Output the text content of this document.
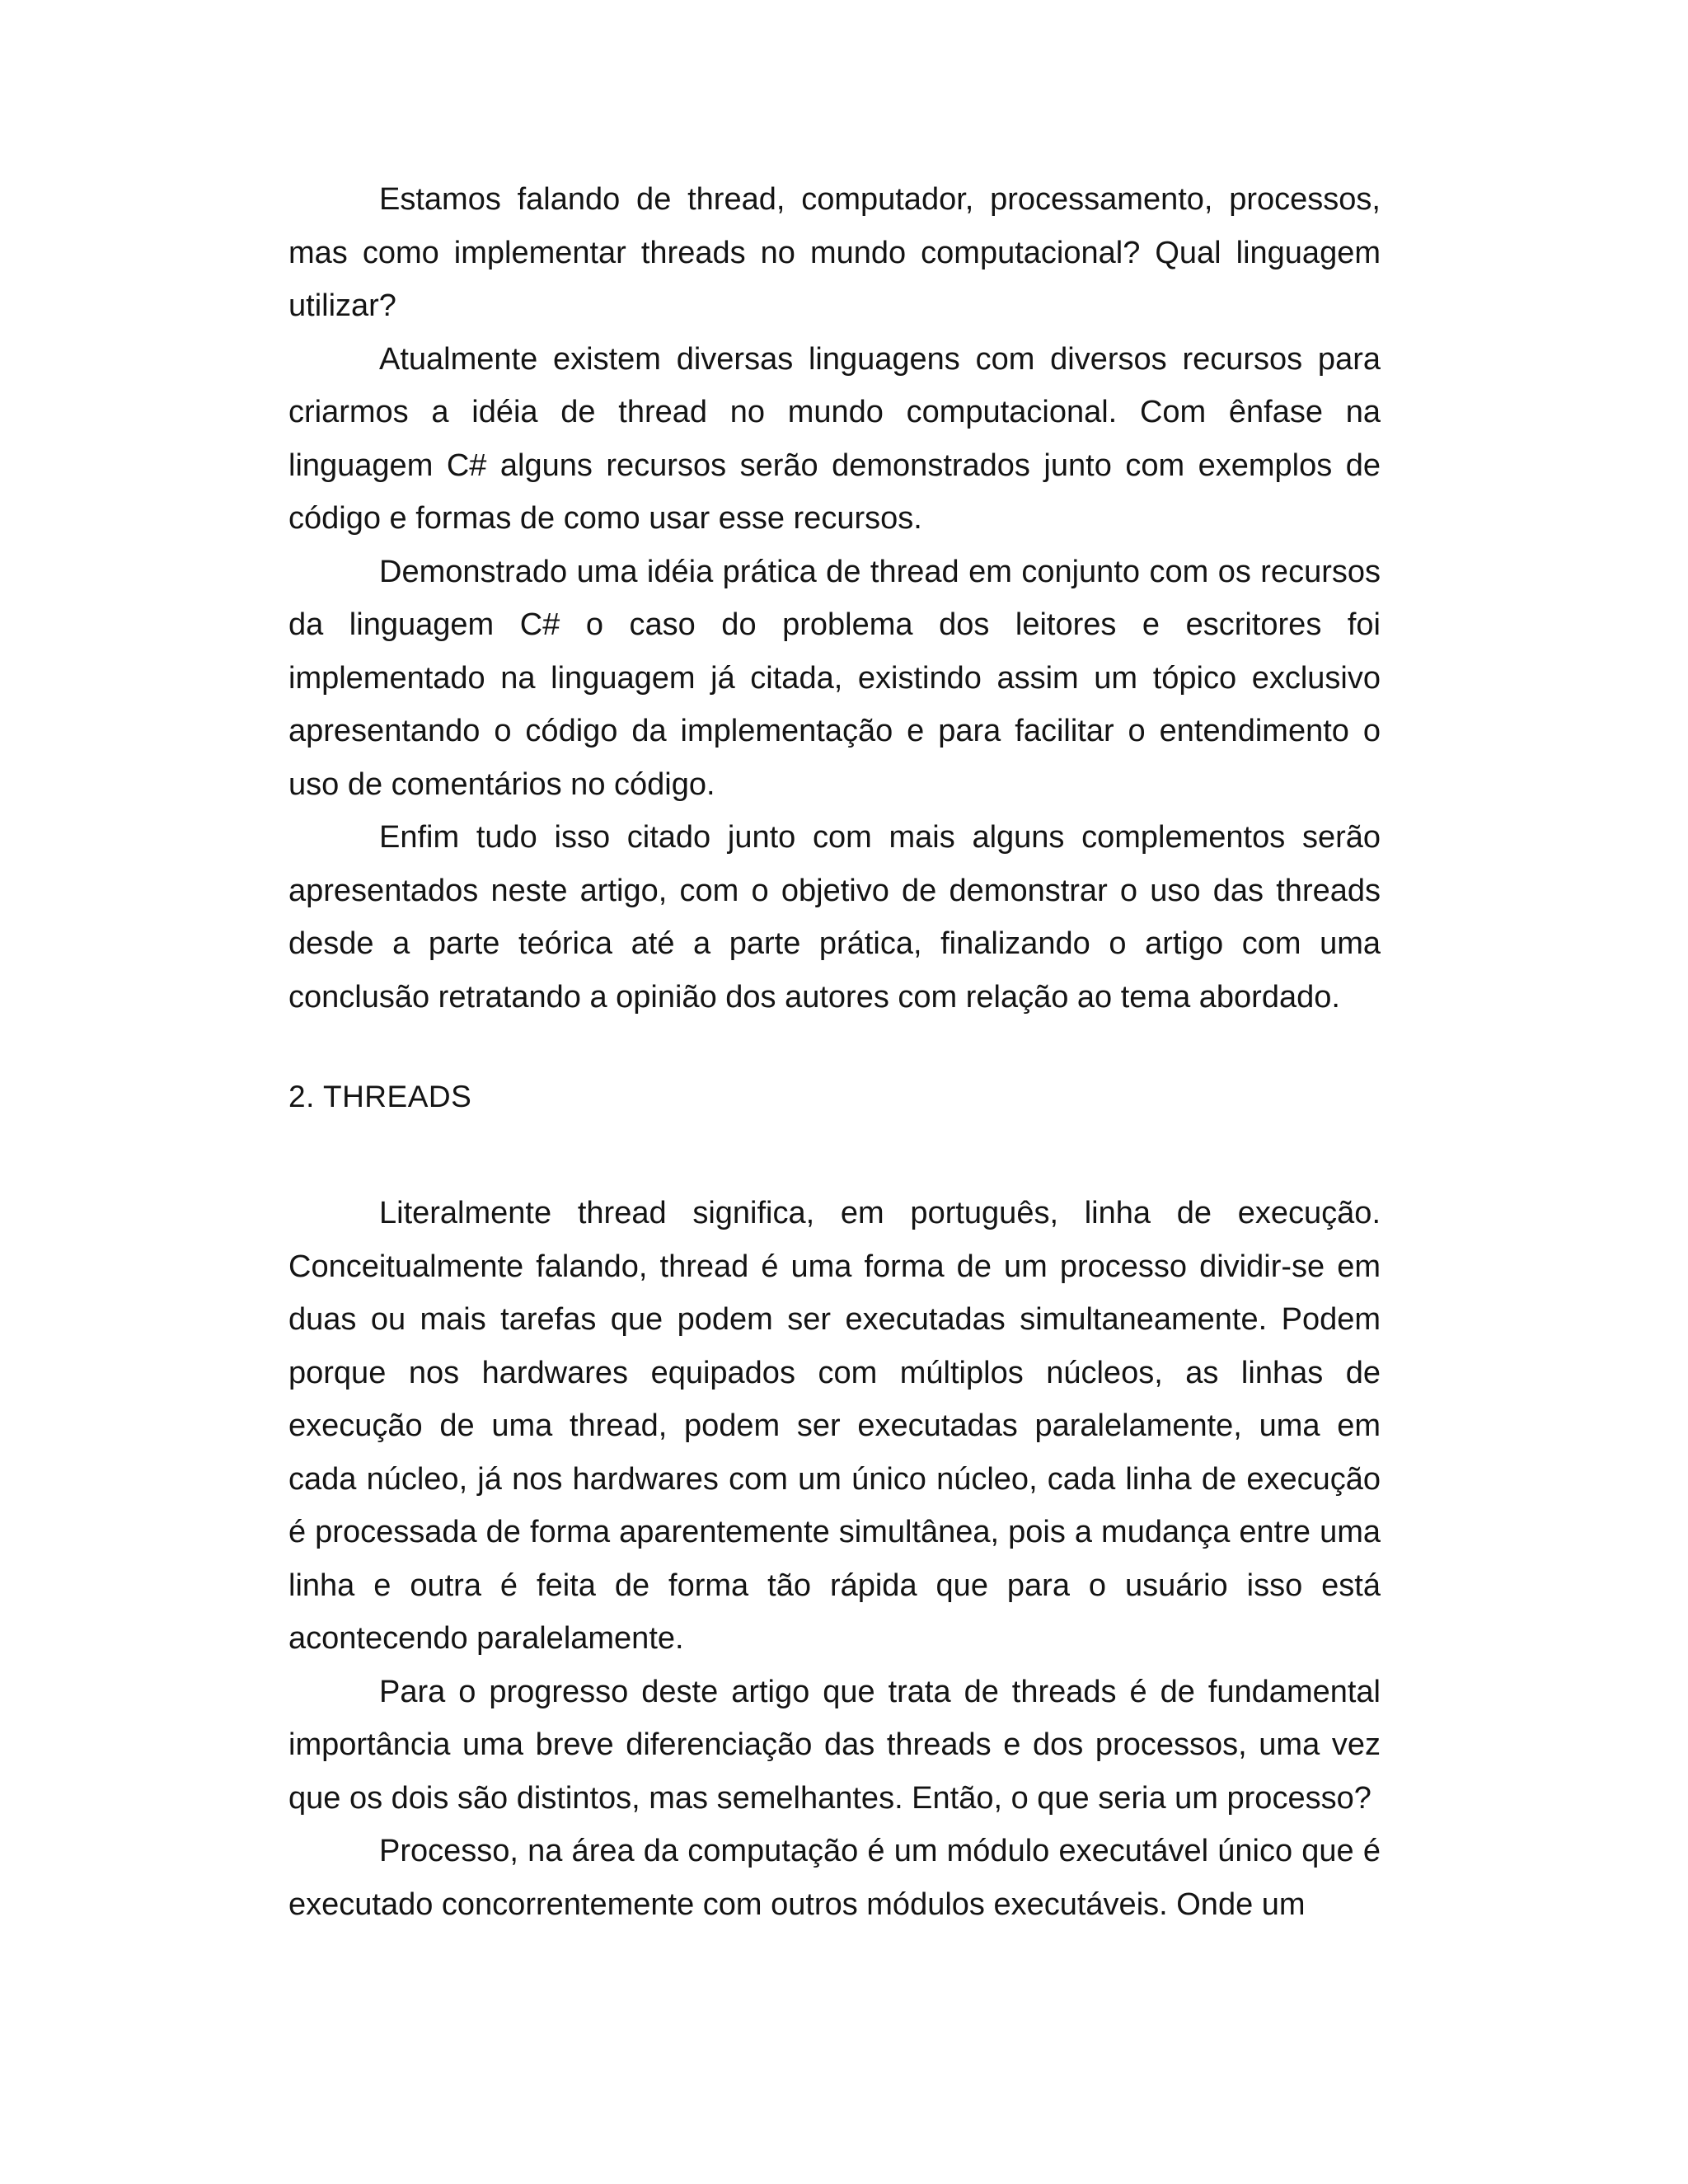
Estamos falando de thread, computador, processamento, processos, mas como implementar threads no mundo computacional? Qual linguagem utilizar?

Atualmente existem diversas linguagens com diversos recursos para criarmos a idéia de thread no mundo computacional. Com ênfase na linguagem C# alguns recursos serão demonstrados junto com exemplos de código e formas de como usar esse recursos.

Demonstrado uma idéia prática de thread em conjunto com os recursos da linguagem C# o caso do problema dos leitores e escritores foi implementado na linguagem já citada, existindo assim um tópico exclusivo apresentando o código da implementação e para facilitar o entendimento o uso de comentários no código.

Enfim tudo isso citado junto com mais alguns complementos serão apresentados neste artigo, com o objetivo de demonstrar o uso das threads desde a parte teórica até a parte prática, finalizando o artigo com uma conclusão retratando a opinião dos autores com relação ao tema abordado.

2. THREADS

Literalmente thread significa, em português, linha de execução. Conceitualmente falando, thread é uma forma de um processo dividir-se em duas ou mais tarefas que podem ser executadas simultaneamente. Podem porque nos hardwares equipados com múltiplos núcleos, as linhas de execução de uma thread, podem ser executadas paralelamente, uma em cada núcleo, já nos hardwares com um único núcleo, cada linha de execução é processada de forma aparentemente simultânea, pois a mudança entre uma linha e outra é feita de forma tão rápida que para o usuário isso está acontecendo paralelamente.

Para o progresso deste artigo que trata de threads é de fundamental importância uma breve diferenciação das threads e dos processos, uma vez que os dois são distintos, mas semelhantes. Então, o que seria um processo?

Processo, na área da computação é um módulo executável único que é executado concorrentemente com outros módulos executáveis. Onde um
